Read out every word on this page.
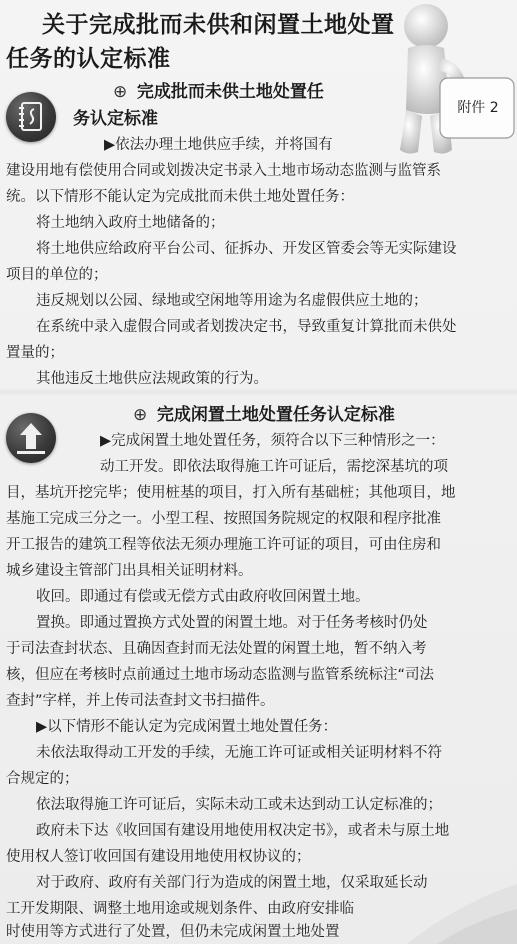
关于完成批而未供和闲置土地处置任务的认定标准
附件 2
⊕ 完成批而未供土地处置任
务认定标准
▶依法办理土地供应手续，并将国有
建设用地有偿使用合同或划拨决定书录入土地市场动态监测与监管系
统。以下情形不能认定为完成批而未供土地处置任务：
将土地纳入政府土地储备的；
将土地供应给政府平台公司、征拆办、开发区管委会等无实际建设
项目的单位的；
违反规划以公园、绿地或空闲地等用途为名虚假供应土地的；
在系统中录入虚假合同或者划拨决定书，导致重复计算批而未供处
置量的；
其他违反土地供应法规政策的行为。
⊕ 完成闲置土地处置任务认定标准
▶完成闲置土地处置任务，须符合以下三种情形之一：
动工开发。即依法取得施工许可证后，需挖深基坑的项
目，基坑开挖完毕；使用桩基的项目，打入所有基础桩；其他项目，地
基施工完成三分之一。小型工程、按照国务院规定的权限和程序批准
开工报告的建筑工程等依法无须办理施工许可证的项目，可由住房和
城乡建设主管部门出具相关证明材料。
收回。即通过有偿或无偿方式由政府收回闲置土地。
置换。即通过置换方式处置的闲置土地。对于任务考核时仍处
于司法查封状态、且确因查封而无法处置的闲置土地，暂不纳入考
核，但应在考核时点前通过土地市场动态监测与监管系统标注“司法
查封”字样，并上传司法查封文书扫描件。
▶以下情形不能认定为完成闲置土地处置任务：
未依法取得动工开发的手续，无施工许可证或相关证明材料不符
合规定的；
依法取得施工许可证后，实际未动工或未达到动工认定标准的；
政府未下达《收回国有建设用地使用权决定书》，或者未与原土地
使用权人签订收回国有建设用地使用权协议的；
对于政府、政府有关部门行为造成的闲置土地，仅采取延长动
工开发期限、调整土地用途或规划条件、由政府安排临
时使用等方式进行了处置，但仍未完成闲置土地处置
